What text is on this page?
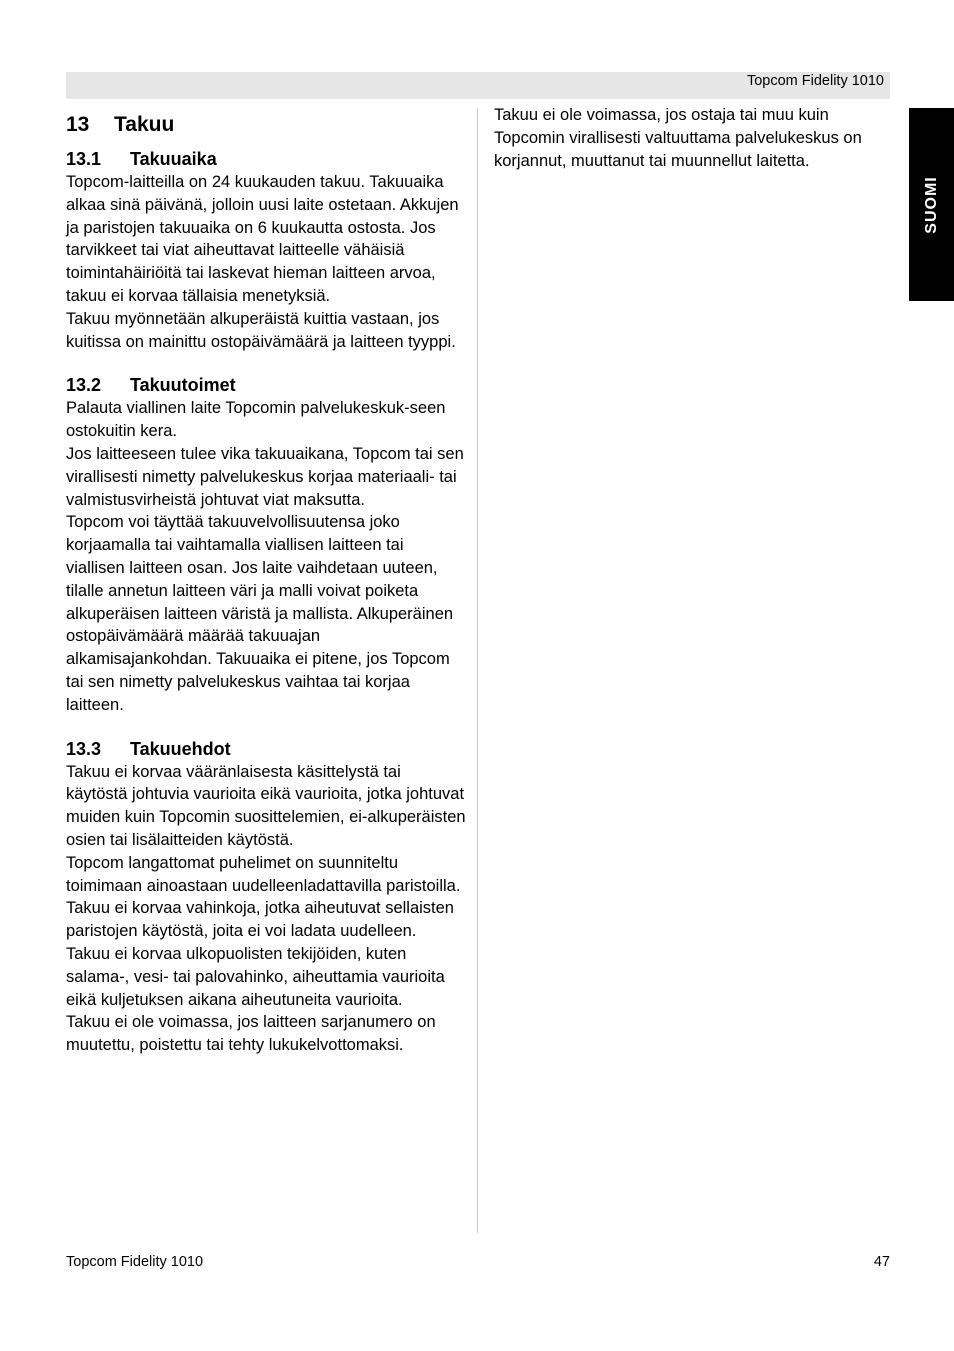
Topcom Fidelity 1010
SUOMI
13	Takuu
13.1 Takuuaika

Topcom-laitteilla on 24 kuukauden takuu. Takuuaika alkaa sinä päivänä, jolloin uusi laite ostetaan. Akkujen ja paristojen takuuaika on 6 kuukautta ostosta. Jos tarvikkeet tai viat aiheuttavat laitteelle vähäisiä toimintahäiriöitä tai laskevat hieman laitteen arvoa, takuu ei korvaa tällaisia menetyksiä.

Takuu myönnetään alkuperäistä kuittia vastaan, jos kuitissa on mainittu ostopäivämäärä ja laitteen tyyppi.

13.2 Takuutoimet

Palauta viallinen laite Topcomin palvelukeskuk-seen ostokuitin kera.

Jos laitteeseen tulee vika takuuaikana, Topcom tai sen virallisesti nimetty palvelukeskus korjaa materiaali- tai valmistusvirheistä johtuvat viat maksutta.

Topcom voi täyttää takuuvelvollisuutensa joko korjaamalla tai vaihtamalla viallisen laitteen tai viallisen laitteen osan. Jos laite vaihdetaan uuteen, tilalle annetun laitteen väri ja malli voivat poiketa alkuperäisen laitteen väristä ja mallista. Alkuperäinen ostopäivämäärä määrää takuuajan alkamisajankohdan. Takuuaika ei pitene, jos Topcom tai sen nimetty palvelukeskus vaihtaa tai korjaa laitteen.

13.3 Takuuehdot

Takuu ei korvaa vääränlaisesta käsittelystä tai käytöstä johtuvia vaurioita eikä vaurioita, jotka johtuvat muiden kuin Topcomin suosittelemien, ei-alkuperäisten osien tai lisälaitteiden käytöstä.

Topcom langattomat puhelimet on suunniteltu toimimaan ainoastaan uudelleenladattavilla paristoilla. Takuu ei korvaa vahinkoja, jotka aiheutuvat sellaisten paristojen käytöstä, joita ei voi ladata uudelleen.

Takuu ei korvaa ulkopuolisten tekijöiden, kuten salama-, vesi- tai palovahinko, aiheuttamia vaurioita eikä kuljetuksen aikana aiheutuneita vaurioita.

Takuu ei ole voimassa, jos laitteen sarjanumero on muutettu, poistettu tai tehty lukukelvottomaksi.

Takuu ei ole voimassa, jos ostaja tai muu kuin Topcomin virallisesti valtuuttama palvelukeskus on korjannut, muuttanut tai muunnellut laitetta.

Topcom Fidelity 1010	47
